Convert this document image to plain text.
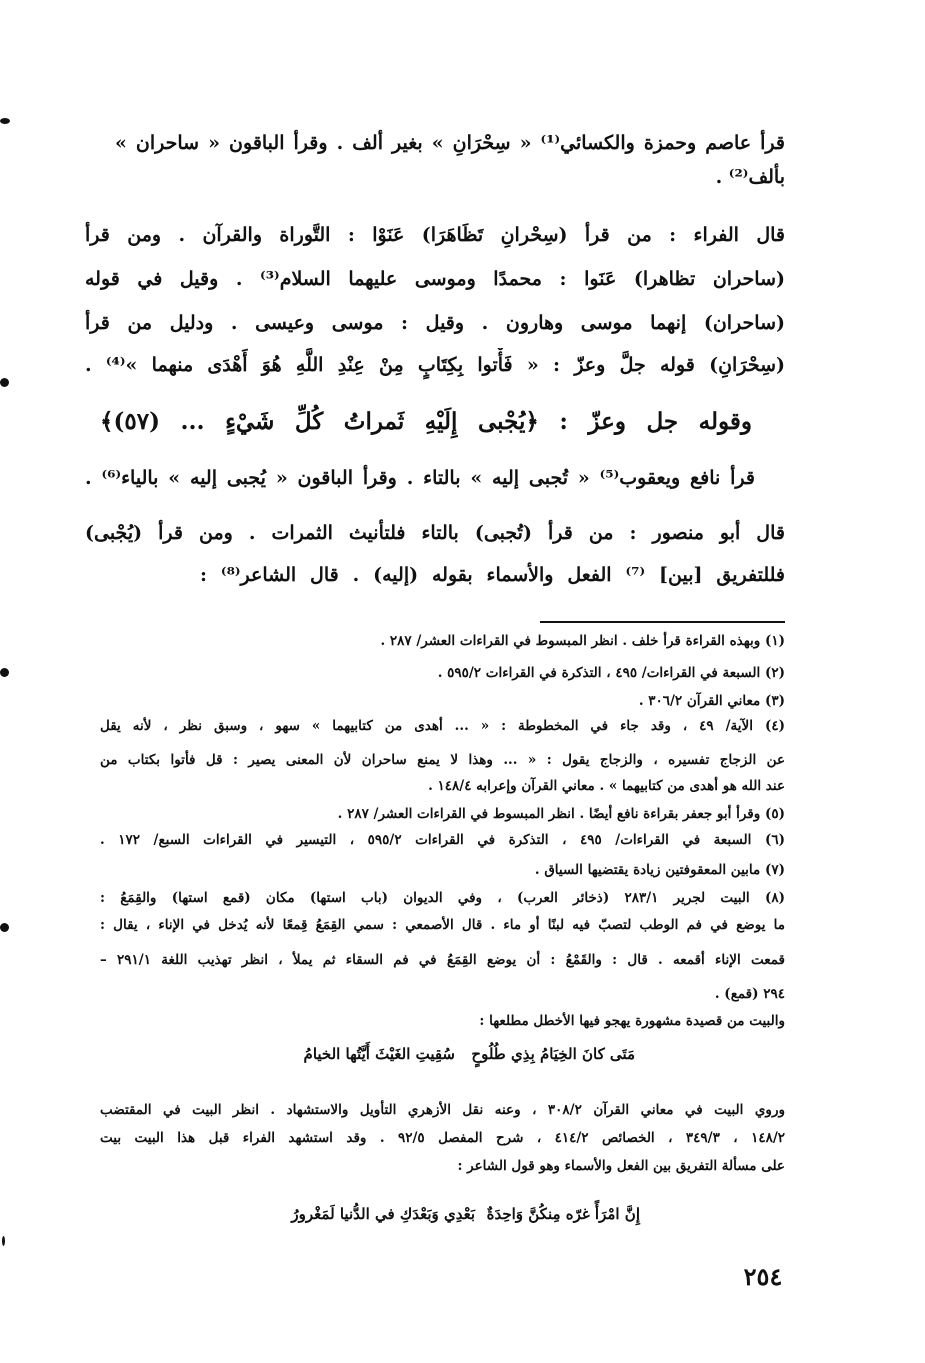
قرأ عاصم وحمزة والكسائي⁽¹⁾ « سِحْرَانِ » بغير ألف . وقرأ الباقون « ساحران »
بألف⁽²⁾ .
قال الفراء : من قرأ (سِحْرانِ تَظَاهَرَا) عَنَوْا : التَّوراة والقرآن . ومن قرأ
(ساحران تظاهرا) عَنَوا : محمدًا وموسى عليهما السلام⁽³⁾ . وقيل في قوله
(ساحران) إنهما موسى وهارون . وقيل : موسى وعيسى . ودليل من قرأ
(سِحْرَانِ) قوله جلَّ وعزّ : « فَأْتوا بِكِتَابٍ مِنْ عِنْدِ اللَّهِ هُوَ أَهْدَى منهما »⁽⁴⁾ .
وقوله جل وعزّ : ﴿يُجْبى إِلَيْهِ ثَمراتُ كُلِّ شَيْءٍ ... (٥٧)﴾
قرأ نافع ويعقوب⁽⁵⁾ « تُجبى إليه » بالتاء . وقرأ الباقون « يُجبى إليه » بالياء⁽⁶⁾ .
قال أبو منصور : من قرأ (تُجبى) بالتاء فلتأنيث الثمرات . ومن قرأ (يُجْبى)
فللتفريق [بين] ⁽⁷⁾ الفعل والأسماء بقوله (إليه) . قال الشاعر⁽⁸⁾ :
(١) وبهذه القراءة قرأ خلف . انظر المبسوط في القراءات العشر/ ٢٨٧ .
(٢) السبعة في القراءات/ ٤٩٥ ، التذكرة في القراءات ٥٩٥/٢ .
(٣) معاني القرآن ٣٠٦/٢ .
(٤) الآية/ ٤٩ ، وقد جاء في المخطوطة : « ... أهدى من كتابيهما » سهو ، وسبق نظر ، لأنه يقل
عن الزجاج تفسيره ، والزجاج يقول : « ... وهذا لا يمنع ساحران لأن المعنى يصير : قل فأتوا بكتاب من
عند الله هو أهدى من كتابيهما » . معاني القرآن وإعرابه ١٤٨/٤ .
(٥) وقرأ أبو جعفر بقراءة نافع أيضًا . انظر المبسوط في القراءات العشر/ ٢٨٧ .
(٦) السبعة في القراءات/ ٤٩٥ ، التذكرة في القراءات ٥٩٥/٢ ، التيسير في القراءات السبع/ ١٧٢ .
(٧) مابين المعقوفتين زيادة يقتضيها السياق .
(٨) البيت لجرير ٢٨٣/١ (ذخائر العرب) ، وفي الديوان (باب استها) مكان (قمع استها) والقِمَعُ :
ما يوضع في فم الوطب لتصبّ فيه لبنًا أو ماء . قال الأصمعي : سمي القِمَعُ قِمعًا لأنه يُدخل في الإناء ، يقال :
قمعت الإناء أقمعه . قال : والقَمْعُ : أن يوضع القِمَعُ في فم السقاء ثم يملأ ، انظر تهذيب اللغة ٢٩١/١ –
٢٩٤ (قمع) .
والبيت من قصيدة مشهورة يهجو فيها الأخطل مطلعها :
مَتَى كانَ الخِيَامُ بِذِي طُلُوحٍ
سُقِيتِ الغَيْثَ أَيَّتُها الخيامُ
وروي البيت في معاني القرآن ٣٠٨/٢ ، وعنه نقل الأزهري التأويل والاستشهاد . انظر البيت في المقتضب
١٤٨/٢ ، ٣٤٩/٣ ، الخصائص ٤١٤/٢ ، شرح المفصل ٩٢/٥ . وقد استشهد الفراء قبل هذا البيت بيت
على مسألة التفريق بين الفعل والأسماء وهو قول الشاعر :
إِنَّ امْرَأً غرّه مِنكُنَّ وَاحِدَةٌ
بَعْدِي وَبَعْدَكِ في الدُّنيا لَمَغْرورُ
٢٥٤
